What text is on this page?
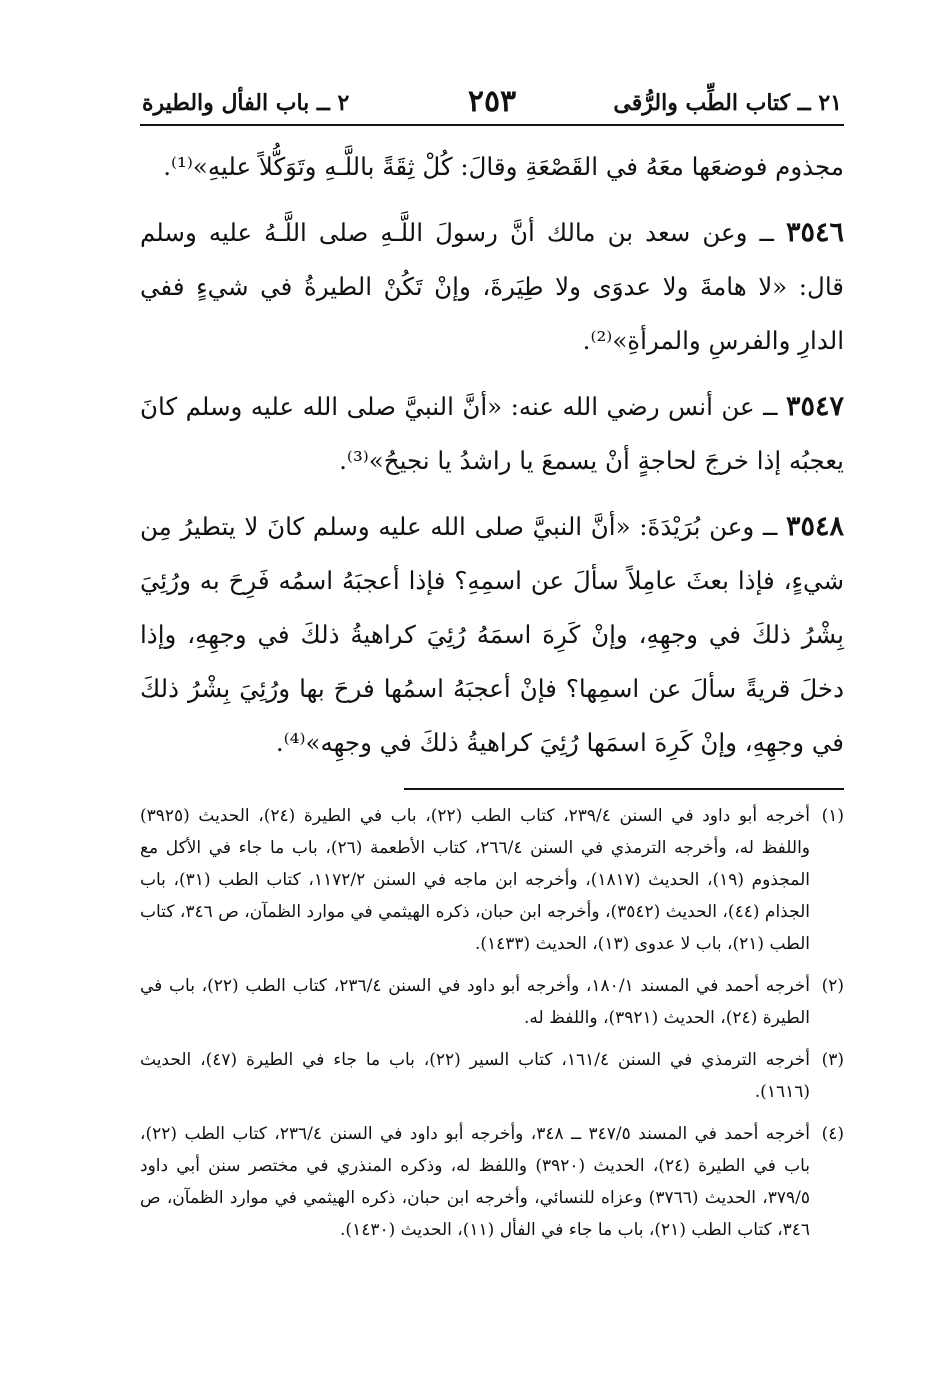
٢١ ــ كتاب الطِّب والرُّقى
٢٥٣
٢ ــ باب الفأل والطيرة

مجذوم فوضعَها معَهُ في القَصْعَةِ وقالَ: كُلْ ثِقَةً باللَّـهِ وتَوَكُّلاً عليهِ»⁽¹⁾.

٣٥٤٦ ــ وعن سعد بن مالك أنَّ رسولَ اللَّـهِ صلى اللَّـهُ عليه وسلم قال: «لا هامةَ ولا عدوَى ولا طِيَرةَ، وإنْ تَكُنْ الطيرةُ في شيءٍ ففي الدارِ والفرسِ والمرأةِ»⁽²⁾.

٣٥٤٧ ــ عن أنس رضي الله عنه: «أنَّ النبيَّ صلى الله عليه وسلم كانَ يعجبُه إذا خرجَ لحاجةٍ أنْ يسمعَ يا راشدُ يا نجيحُ»⁽³⁾.

٣٥٤٨ ــ وعن بُرَيْدَةَ: «أنَّ النبيَّ صلى الله عليه وسلم كانَ لا يتطيرُ مِن شيءٍ، فإذا بعثَ عامِلاً سألَ عن اسمِهِ؟ فإذا أعجبَهُ اسمُه فَرِحَ به ورُئِيَ بِشْرُ ذلكَ في وجهِهِ، وإنْ كَرِهَ اسمَهُ رُئِيَ كراهيةُ ذلكَ في وجهِهِ، وإذا دخلَ قريةً سألَ عن اسمِها؟ فإنْ أعجبَهُ اسمُها فرحَ بها ورُئِيَ بِشْرُ ذلكَ في وجهِهِ، وإنْ كَرِهَ اسمَها رُئِيَ كراهيةُ ذلكَ في وجهِه»⁽⁴⁾.

(١)
أخرجه أبو داود في السنن ٢٣٩/٤، كتاب الطب (٢٢)، باب في الطيرة (٢٤)، الحديث (٣٩٢٥) واللفظ له، وأخرجه الترمذي في السنن ٢٦٦/٤، كتاب الأطعمة (٢٦)، باب ما جاء في الأكل مع المجذوم (١٩)، الحديث (١٨١٧)، وأخرجه ابن ماجه في السنن ١١٧٢/٢، كتاب الطب (٣١)، باب الجذام (٤٤)، الحديث (٣٥٤٢)، وأخرجه ابن حبان، ذكره الهيثمي في موارد الظمآن، ص ٣٤٦، كتاب الطب (٢١)، باب لا عدوى (١٣)، الحديث (١٤٣٣).
(٢)
أخرجه أحمد في المسند ١٨٠/١، وأخرجه أبو داود في السنن ٢٣٦/٤، كتاب الطب (٢٢)، باب في الطيرة (٢٤)، الحديث (٣٩٢١)، واللفظ له.
(٣)
أخرجه الترمذي في السنن ١٦١/٤، كتاب السير (٢٢)، باب ما جاء في الطيرة (٤٧)، الحديث (١٦١٦).
(٤)
أخرجه أحمد في المسند ٣٤٧/٥ ــ ٣٤٨، وأخرجه أبو داود في السنن ٢٣٦/٤، كتاب الطب (٢٢)، باب في الطيرة (٢٤)، الحديث (٣٩٢٠) واللفظ له، وذكره المنذري في مختصر سنن أبي داود ٣٧٩/٥، الحديث (٣٧٦٦) وعزاه للنسائي، وأخرجه ابن حبان، ذكره الهيثمي في موارد الظمآن، ص ٣٤٦، كتاب الطب (٢١)، باب ما جاء في الفأل (١١)، الحديث (١٤٣٠).
